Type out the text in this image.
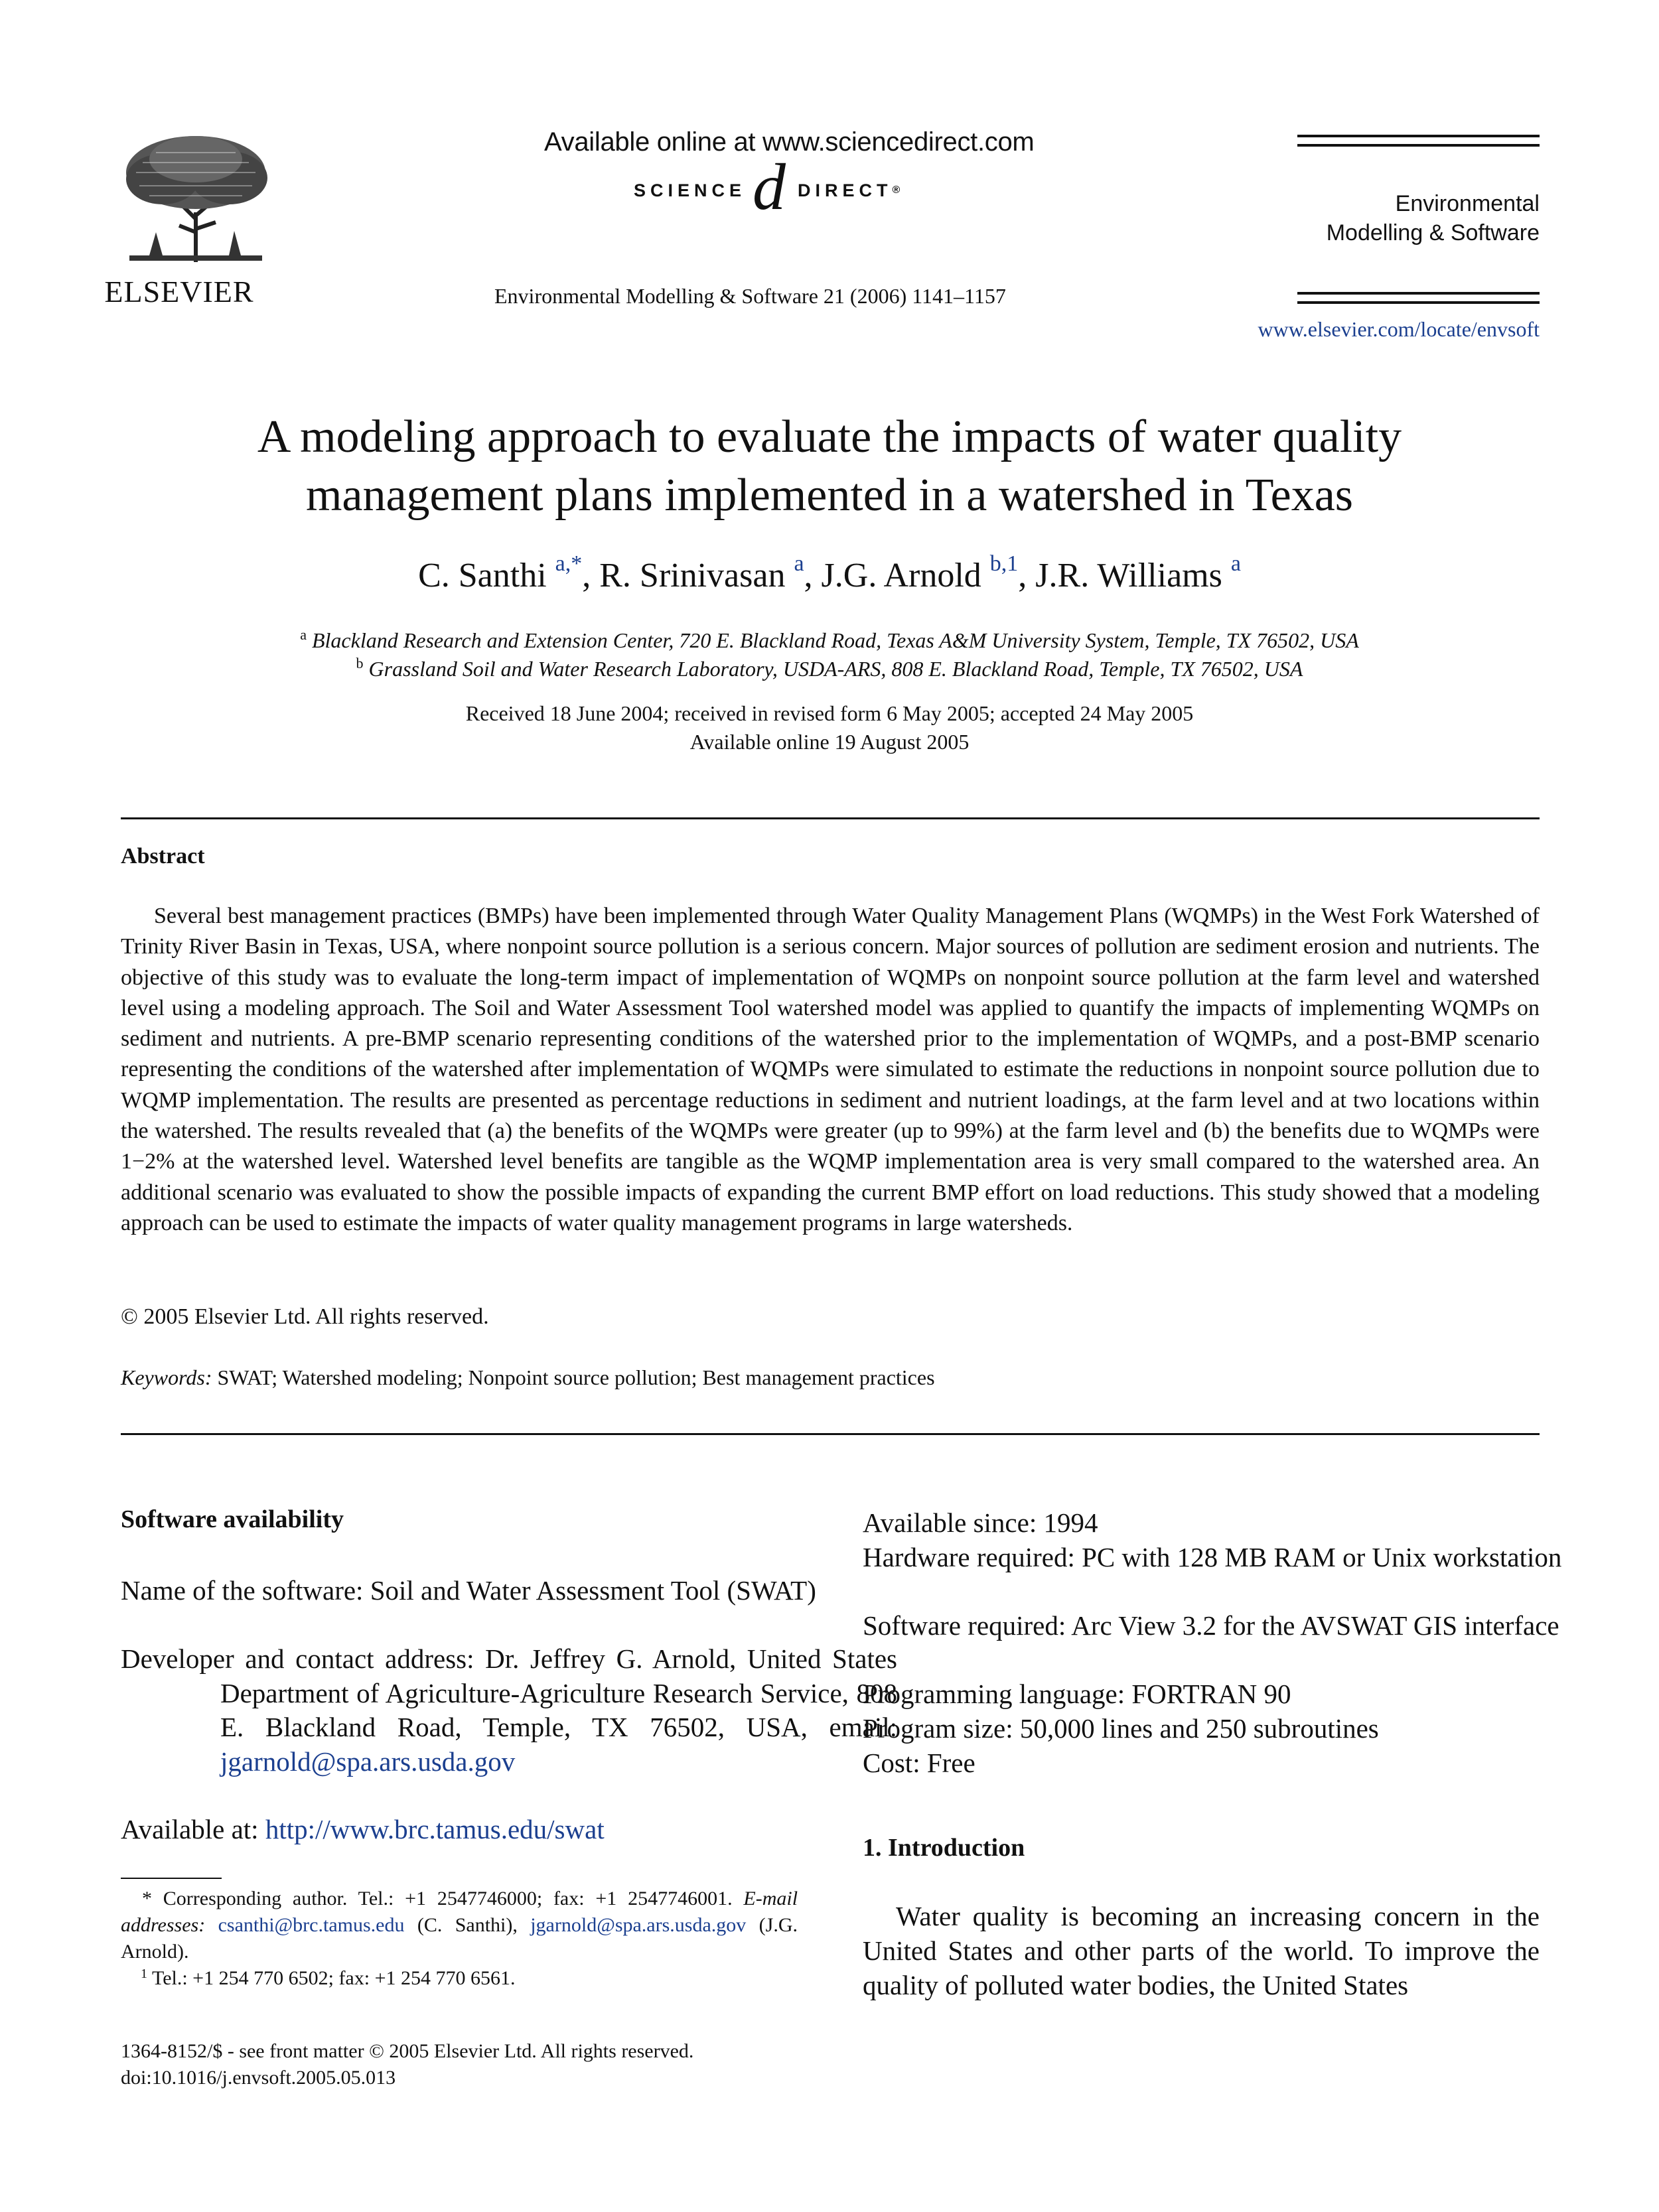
ELSEVIER
Available online at www.sciencedirect.com
SCIENCE d DIRECT ®
Environmental Modelling & Software 21 (2006) 1141–1157
Environmental
Modelling & Software
www.elsevier.com/locate/envsoft
A modeling approach to evaluate the impacts of water quality
management plans implemented in a watershed in Texas
C. Santhi $^{a,*}$, R. Srinivasan $^a$, J.G. Arnold $^{b,1}$, J.R. Williams $^a$
$^a$ Blackland Research and Extension Center, 720 E. Blackland Road, Texas A&M University System, Temple, TX 76502, USA
$^b$ Grassland Soil and Water Research Laboratory, USDA-ARS, 808 E. Blackland Road, Temple, TX 76502, USA
Received 18 June 2004; received in revised form 6 May 2005; accepted 24 May 2005
Available online 19 August 2005
Abstract

Several best management practices (BMPs) have been implemented through Water Quality Management Plans (WQMPs) in the West Fork Watershed of Trinity River Basin in Texas, USA, where nonpoint source pollution is a serious concern. Major sources of pollution are sediment erosion and nutrients. The objective of this study was to evaluate the long-term impact of implementation of WQMPs on nonpoint source pollution at the farm level and watershed level using a modeling approach. The Soil and Water Assessment Tool watershed model was applied to quantify the impacts of implementing WQMPs on sediment and nutrients. A pre-BMP scenario representing conditions of the watershed prior to the implementation of WQMPs, and a post-BMP scenario representing the conditions of the watershed after implementation of WQMPs were simulated to estimate the reductions in nonpoint source pollution due to WQMP implementation. The results are presented as percentage reductions in sediment and nutrient loadings, at the farm level and at two locations within the watershed. The results revealed that (a) the benefits of the WQMPs were greater (up to 99%) at the farm level and (b) the benefits due to WQMPs were 1−2% at the watershed level. Watershed level benefits are tangible as the WQMP implementation area is very small compared to the watershed area. An additional scenario was evaluated to show the possible impacts of expanding the current BMP effort on load reductions. This study showed that a modeling approach can be used to estimate the impacts of water quality management programs in large watersheds.

© 2005 Elsevier Ltd. All rights reserved.
Keywords: SWAT; Watershed modeling; Nonpoint source pollution; Best management practices
Software availability

Name of the software: Soil and Water Assessment Tool (SWAT)

Developer and contact address: Dr. Jeffrey G. Arnold, United States Department of Agriculture-Agriculture Research Service, 808 E. Blackland Road, Temple, TX 76502, USA, email: jgarnold@spa.ars.usda.gov

Available at: http://www.brc.tamus.edu/swat

* Corresponding author. Tel.: +1 2547746000; fax: +1 2547746001. E-mail addresses: csanthi@brc.tamus.edu (C. Santhi), jgarnold@spa.ars.usda.gov (J.G. Arnold).

$^1$ Tel.: +1 254 770 6502; fax: +1 254 770 6561.

1364-8152/$ - see front matter © 2005 Elsevier Ltd. All rights reserved.
doi:10.1016/j.envsoft.2005.05.013

Available since: 1994

Hardware required: PC with 128 MB RAM or Unix workstation

Software required: Arc View 3.2 for the AVSWAT GIS interface

Programming language: FORTRAN 90

Program size: 50,000 lines and 250 subroutines

Cost: Free

1. Introduction

Water quality is becoming an increasing concern in the United States and other parts of the world. To improve the quality of polluted water bodies, the United States
